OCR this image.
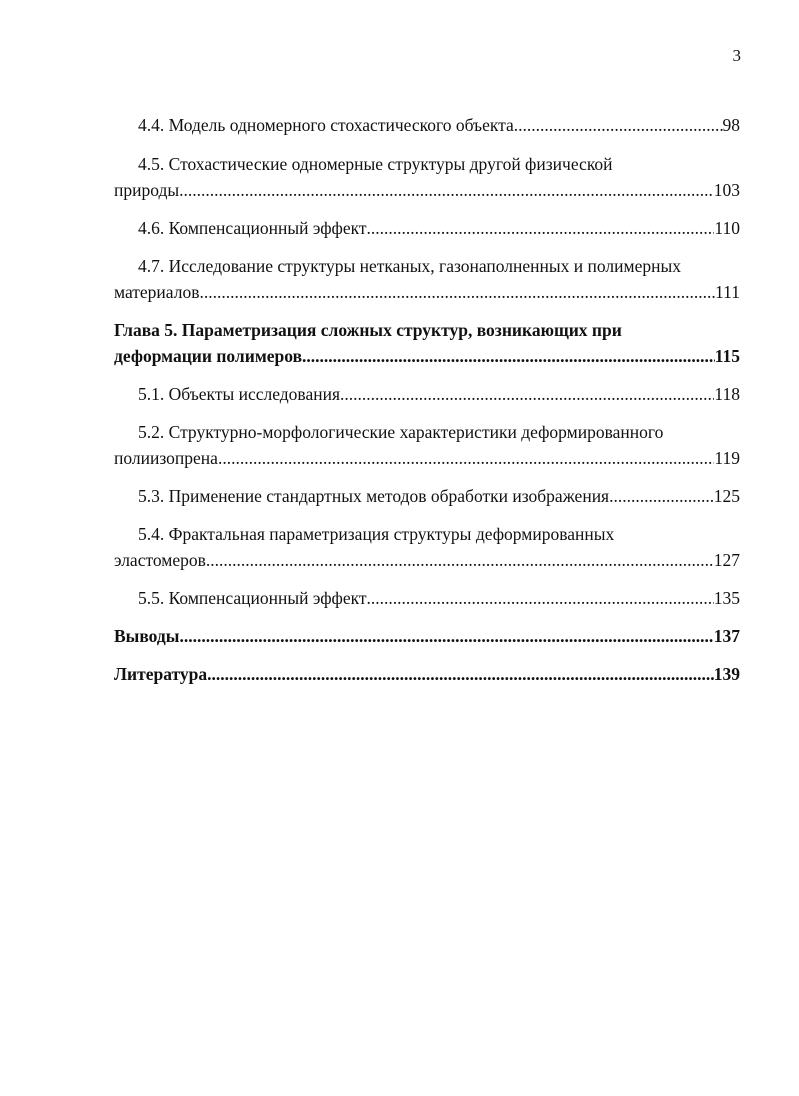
3
4.4. Модель одномерного стохастического объекта .....	98
4.5. Стохастические одномерные структуры другой физической
природы .....	103
4.6. Компенсационный эффект .....	110
4.7. Исследование структуры нетканых, газонаполненных и полимерных
материалов .....	111
Глава 5. Параметризация сложных структур, возникающих при
деформации полимеров .....	115
5.1. Объекты исследования .....	118
5.2. Структурно-морфологические характеристики деформированного
полиизопрена .....	119
5.3. Применение стандартных методов обработки изображения .....	125
5.4. Фрактальная параметризация структуры деформированных
эластомеров .....	127
5.5. Компенсационный эффект .....	135
Выводы .....	137
Литература .....	139
